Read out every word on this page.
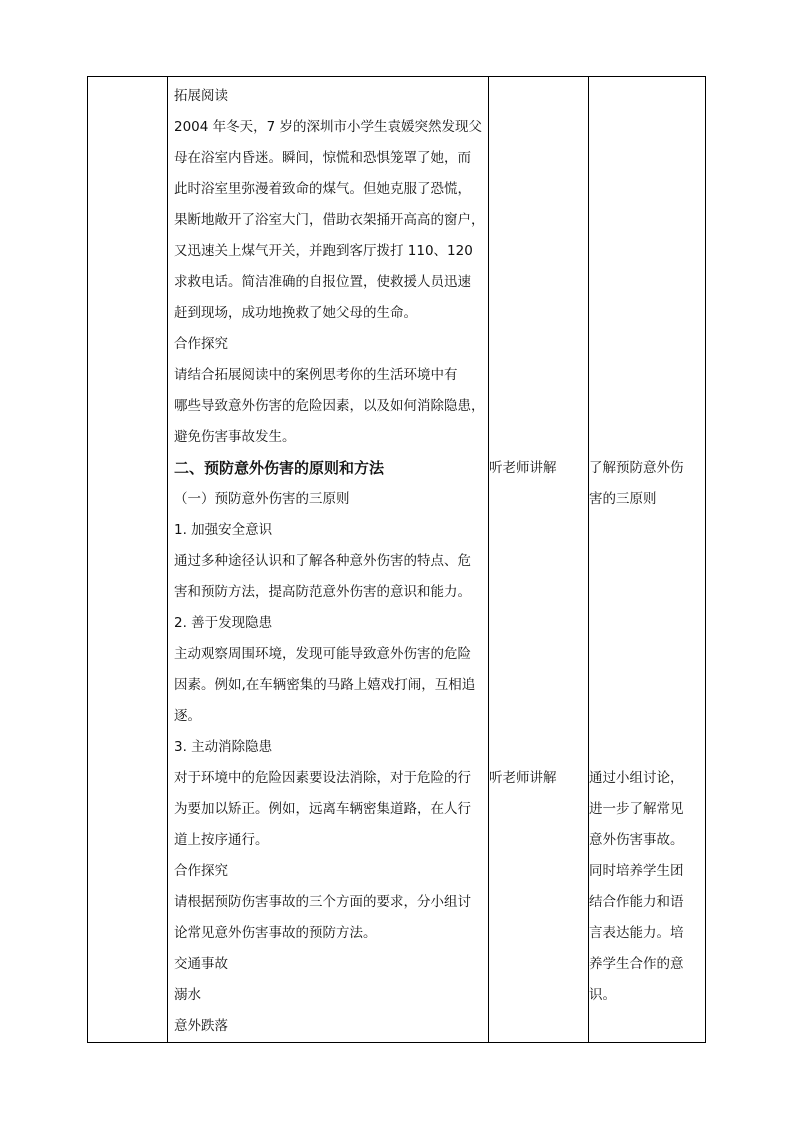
拓展阅读
2004 年冬天，7 岁的深圳市小学生袁媛突然发现父
母在浴室内昏迷。瞬间，惊慌和恐惧笼罩了她，而
此时浴室里弥漫着致命的煤气。但她克服了恐慌，
果断地敞开了浴室大门，借助衣架捅开高高的窗户，
又迅速关上煤气开关，并跑到客厅拨打 110、120
求救电话。简洁准确的自报位置，使救援人员迅速
赶到现场，成功地挽救了她父母的生命。
合作探究
请结合拓展阅读中的案例思考你的生活环境中有
哪些导致意外伤害的危险因素，以及如何消除隐患，
避免伤害事故发生。
二、预防意外伤害的原则和方法
（一）预防意外伤害的三原则
1. 加强安全意识
通过多种途径认识和了解各种意外伤害的特点、危
害和预防方法，提高防范意外伤害的意识和能力。
2. 善于发现隐患
主动观察周围环境，发现可能导致意外伤害的危险
因素。例如,在车辆密集的马路上嬉戏打闹，互相追
逐。
3. 主动消除隐患
对于环境中的危险因素要设法消除，对于危险的行
为要加以矫正。例如，远离车辆密集道路，在人行
道上按序通行。
合作探究
请根据预防伤害事故的三个方面的要求，分小组讨
论常见意外伤害事故的预防方法。
交通事故
溺水
意外跌落
听老师讲解
听老师讲解
了解预防意外伤
害的三原则
通过小组讨论，
进一步了解常见
意外伤害事故。
同时培养学生团
结合作能力和语
言表达能力。培
养学生合作的意
识。
